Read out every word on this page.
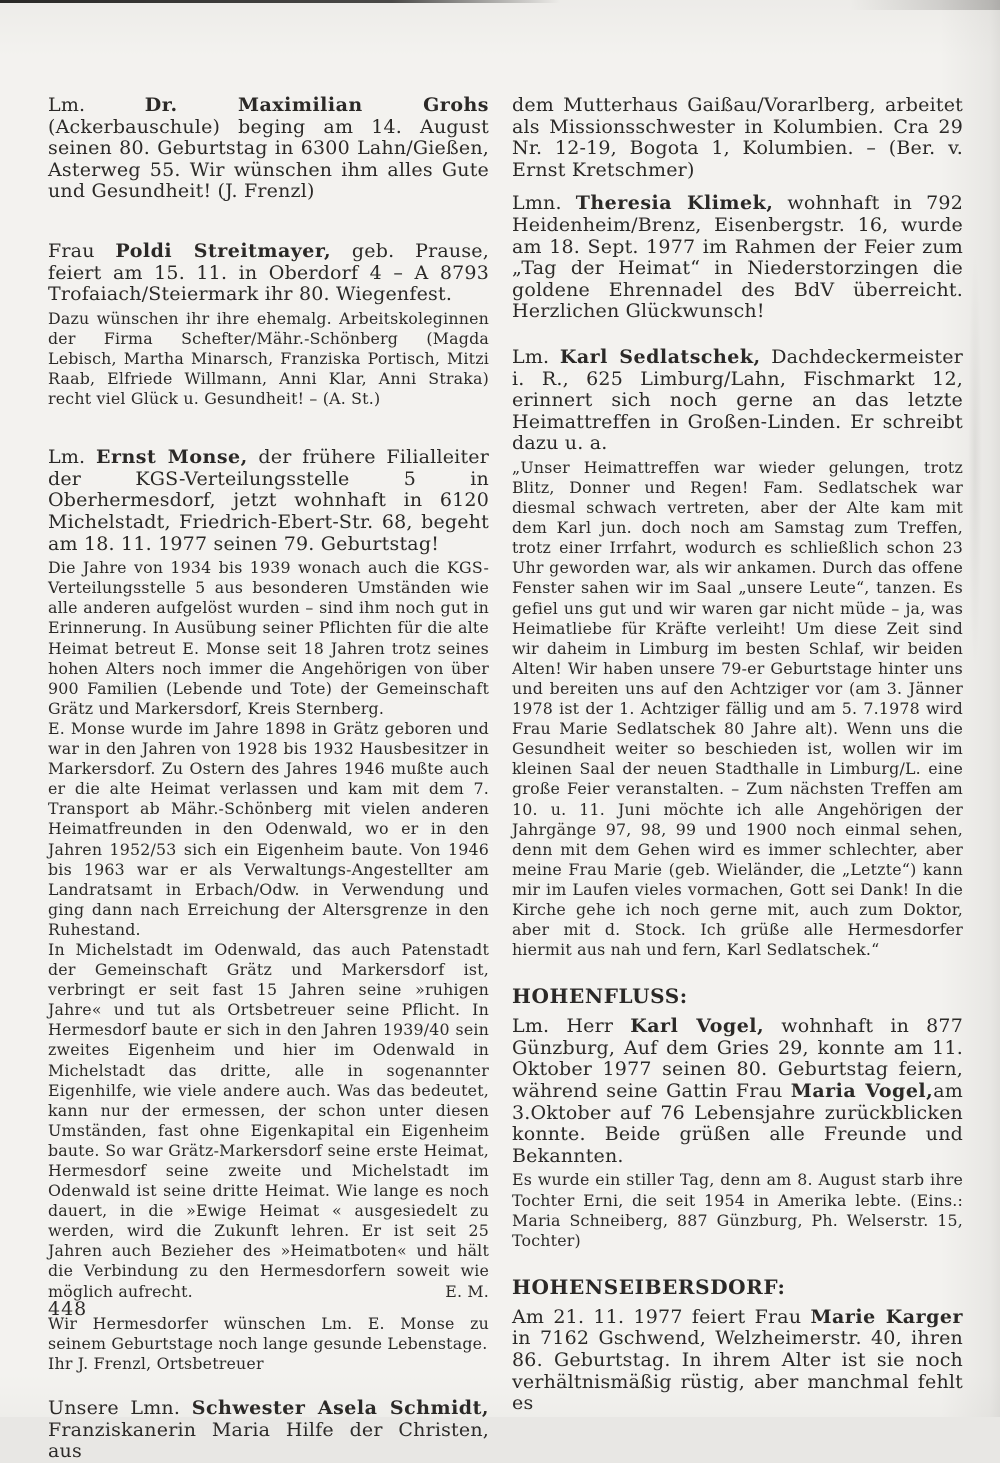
Lm. Dr. Maximilian Grohs (Ackerbauschule) beging am 14. August seinen 80. Geburtstag in 6300 Lahn/Gießen, Asterweg 55. Wir wünschen ihm alles Gute und Gesundheit! (J. Frenzl)

Frau Poldi Streitmayer, geb. Prause, feiert am 15. 11. in Oberdorf 4 – A 8793 Trofaiach/Steiermark ihr 80. Wiegenfest.

Dazu wünschen ihr ihre ehemalg. Arbeitskoleginnen der Firma Schefter/Mähr.-Schönberg (Magda Lebisch, Martha Minarsch, Franziska Portisch, Mitzi Raab, Elfriede Willmann, Anni Klar, Anni Straka) recht viel Glück u. Gesundheit! – (A. St.)

Lm. Ernst Monse, der frühere Filialleiter der KGS-Verteilungsstelle 5 in Oberhermesdorf, jetzt wohnhaft in 6120 Michelstadt, Friedrich-Ebert-Str. 68, begeht am 18. 11. 1977 seinen 79. Geburtstag!

Die Jahre von 1934 bis 1939 wonach auch die KGS-Verteilungsstelle 5 aus besonderen Umständen wie alle anderen aufgelöst wurden – sind ihm noch gut in Erinnerung. In Ausübung seiner Pflichten für die alte Heimat betreut E. Monse seit 18 Jahren trotz seines hohen Alters noch immer die Angehörigen von über 900 Familien (Lebende und Tote) der Gemeinschaft Grätz und Markersdorf, Kreis Sternberg.

E. Monse wurde im Jahre 1898 in Grätz geboren und war in den Jahren von 1928 bis 1932 Hausbesitzer in Markersdorf. Zu Ostern des Jahres 1946 mußte auch er die alte Heimat verlassen und kam mit dem 7. Transport ab Mähr.-Schönberg mit vielen anderen Heimatfreunden in den Odenwald, wo er in den Jahren 1952/53 sich ein Eigenheim baute. Von 1946 bis 1963 war er als Verwaltungs-Angestellter am Landratsamt in Erbach/Odw. in Verwendung und ging dann nach Erreichung der Altersgrenze in den Ruhestand.

In Michelstadt im Odenwald, das auch Patenstadt der Gemeinschaft Grätz und Markersdorf ist, verbringt er seit fast 15 Jahren seine »ruhigen Jahre« und tut als Ortsbetreuer seine Pflicht. In Hermesdorf baute er sich in den Jahren 1939/40 sein zweites Eigenheim und hier im Odenwald in Michelstadt das dritte, alle in sogenannter Eigenhilfe, wie viele andere auch. Was das bedeutet, kann nur der ermessen, der schon unter diesen Umständen, fast ohne Eigenkapital ein Eigenheim baute. So war Grätz-Markersdorf seine erste Heimat, Hermesdorf seine zweite und Michelstadt im Odenwald ist seine dritte Heimat. Wie lange es noch dauert, in die »Ewige Heimat « ausgesiedelt zu werden, wird die Zukunft lehren. Er ist seit 25 Jahren auch Bezieher des »Heimatboten« und hält die Verbindung zu den Hermesdorfern soweit wie möglich aufrecht.	E. M.

Wir Hermesdorfer wünschen Lm. E. Monse zu seinem Geburtstage noch lange gesunde Lebenstage.

Ihr J. Frenzl, Ortsbetreuer

Unsere Lmn. Schwester Asela Schmidt, Franziskanerin Maria Hilfe der Christen, aus

dem Mutterhaus Gaißau/Vorarlberg, arbeitet als Missionsschwester in Kolumbien. Cra 29 Nr. 12-19, Bogota 1, Kolumbien. – (Ber. v. Ernst Kretschmer)

Lmn. Theresia Klimek, wohnhaft in 792 Heidenheim/Brenz, Eisenbergstr. 16, wurde am 18. Sept. 1977 im Rahmen der Feier zum „Tag der Heimat“ in Niederstorzingen die goldene Ehrennadel des BdV überreicht. Herzlichen Glückwunsch!

Lm. Karl Sedlatschek, Dachdeckermeister i. R., 625 Limburg/Lahn, Fischmarkt 12, erinnert sich noch gerne an das letzte Heimattreffen in Großen-Linden. Er schreibt dazu u. a.

„Unser Heimattreffen war wieder gelungen, trotz Blitz, Donner und Regen! Fam. Sedlatschek war diesmal schwach vertreten, aber der Alte kam mit dem Karl jun. doch noch am Samstag zum Treffen, trotz einer Irrfahrt, wodurch es schließlich schon 23 Uhr geworden war, als wir ankamen. Durch das offene Fenster sahen wir im Saal „unsere Leute“, tanzen. Es gefiel uns gut und wir waren gar nicht müde – ja, was Heimatliebe für Kräfte verleiht! Um diese Zeit sind wir daheim in Limburg im besten Schlaf, wir beiden Alten! Wir haben unsere 79-er Geburtstage hinter uns und bereiten uns auf den Achtziger vor (am 3. Jänner 1978 ist der 1. Achtziger fällig und am 5. 7.1978 wird Frau Marie Sedlatschek 80 Jahre alt). Wenn uns die Gesundheit weiter so beschieden ist, wollen wir im kleinen Saal der neuen Stadthalle in Limburg/L. eine große Feier veranstalten. – Zum nächsten Treffen am 10. u. 11. Juni möchte ich alle Angehörigen der Jahrgänge 97, 98, 99 und 1900 noch einmal sehen, denn mit dem Gehen wird es immer schlechter, aber meine Frau Marie (geb. Wieländer, die „Letzte“) kann mir im Laufen vieles vormachen, Gott sei Dank! In die Kirche gehe ich noch gerne mit, auch zum Doktor, aber mit d. Stock. Ich grüße alle Hermesdorfer hiermit aus nah und fern, Karl Sedlatschek.“

HOHENFLUSS:

Lm. Herr Karl Vogel, wohnhaft in 877 Günzburg, Auf dem Gries 29, konnte am 11. Oktober 1977 seinen 80. Geburtstag feiern, während seine Gattin Frau Maria Vogel,am 3.Oktober auf 76 Lebensjahre zurückblicken konnte. Beide grüßen alle Freunde und Bekannten.

Es wurde ein stiller Tag, denn am 8. August starb ihre Tochter Erni, die seit 1954 in Amerika lebte. (Eins.: Maria Schneiberg, 887 Günzburg, Ph. Welserstr. 15, Tochter)

HOHENSEIBERSDORF:

Am 21. 11. 1977 feiert Frau Marie Karger in 7162 Gschwend, Welzheimerstr. 40, ihren 86. Geburtstag. In ihrem Alter ist sie noch verhältnismäßig rüstig, aber manchmal fehlt es

448
